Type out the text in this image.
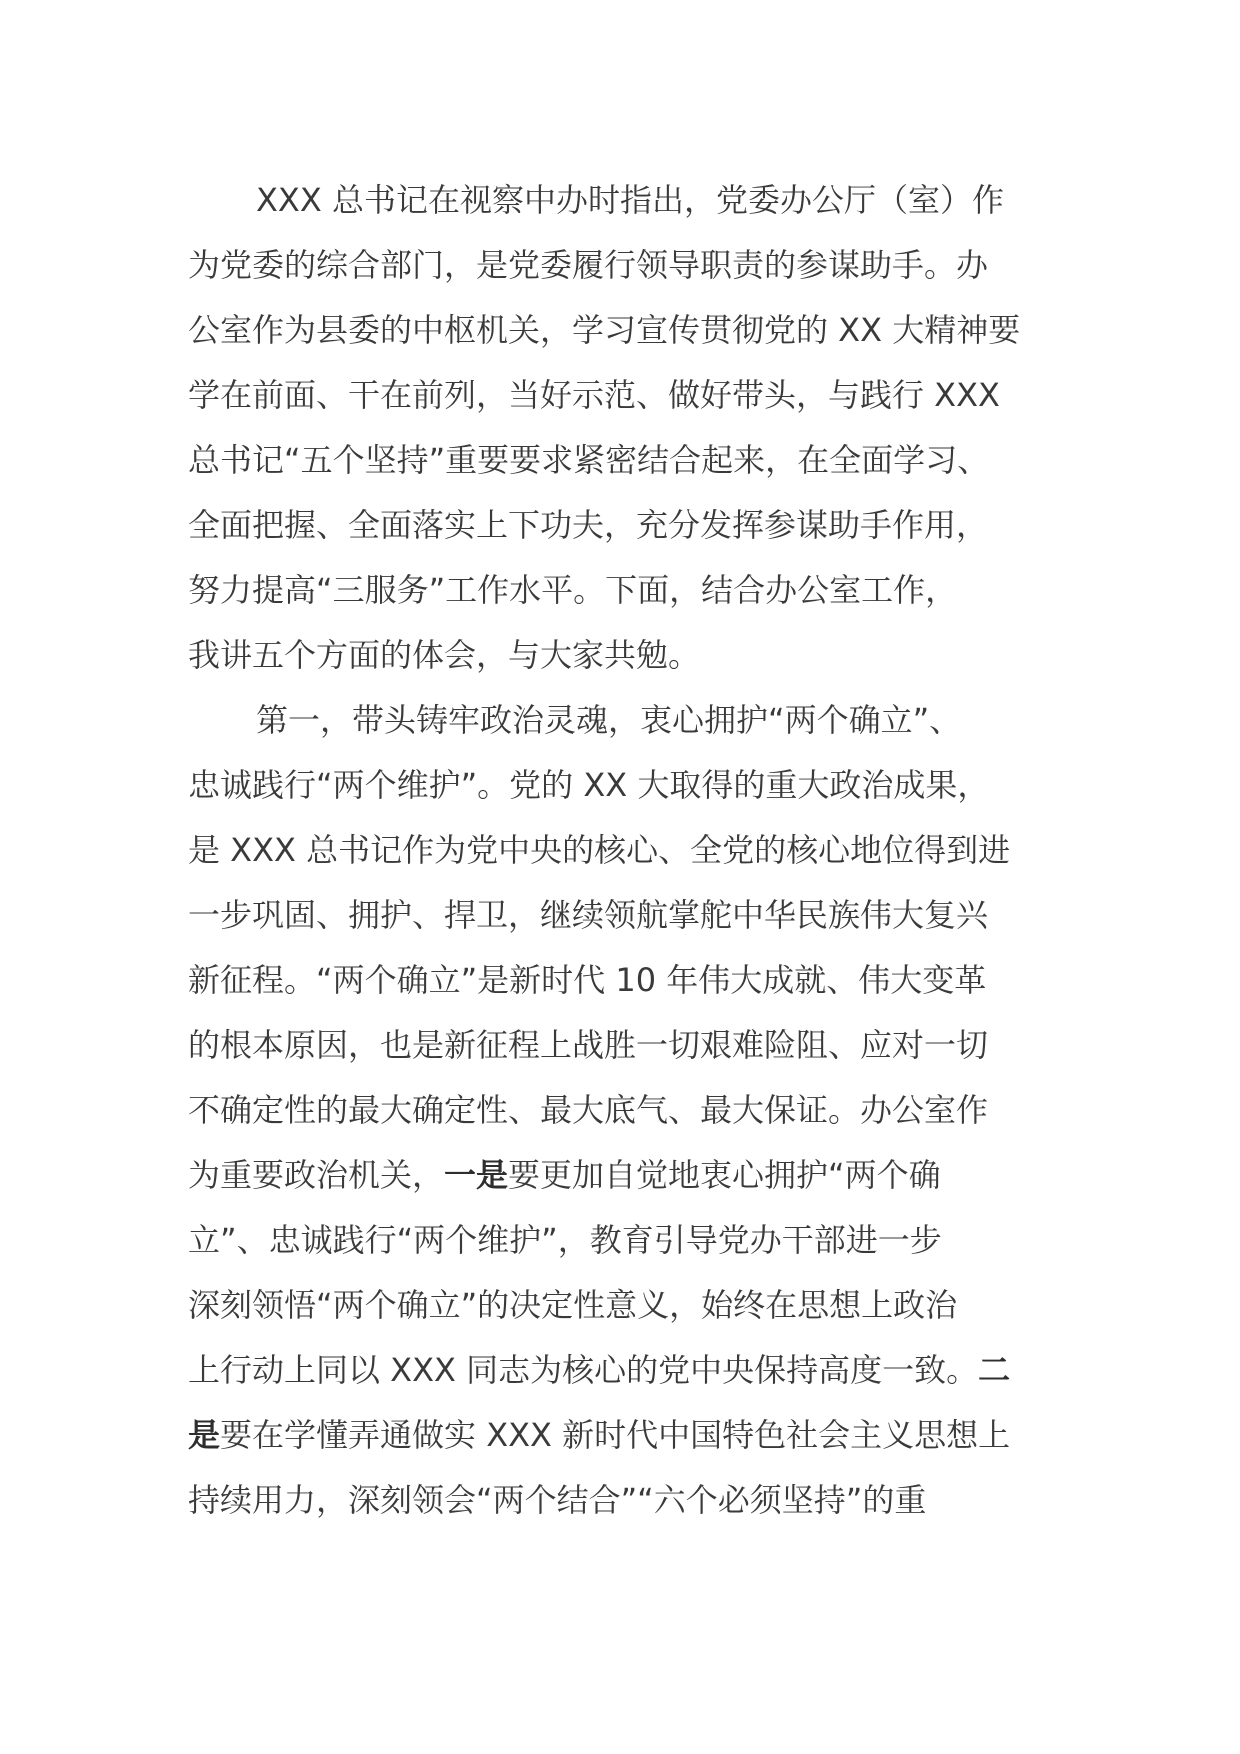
XXX 总书记在视察中办时指出，党委办公厅（室）作
为党委的综合部门，是党委履行领导职责的参谋助手。办
公室作为县委的中枢机关，学习宣传贯彻党的 XX 大精神要
学在前面、干在前列，当好示范、做好带头，与践行 XXX
总书记“五个坚持”重要要求紧密结合起来，在全面学习、
全面把握、全面落实上下功夫，充分发挥参谋助手作用，
努力提高“三服务”工作水平。下面，结合办公室工作，
我讲五个方面的体会，与大家共勉。
第一，带头铸牢政治灵魂，衷心拥护“两个确立”、
忠诚践行“两个维护”。党的 XX 大取得的重大政治成果，
是 XXX 总书记作为党中央的核心、全党的核心地位得到进
一步巩固、拥护、捍卫，继续领航掌舵中华民族伟大复兴
新征程。“两个确立”是新时代 10 年伟大成就、伟大变革
的根本原因，也是新征程上战胜一切艰难险阻、应对一切
不确定性的最大确定性、最大底气、最大保证。办公室作
为重要政治机关，一是要更加自觉地衷心拥护“两个确
立”、忠诚践行“两个维护”，教育引导党办干部进一步
深刻领悟“两个确立”的决定性意义，始终在思想上政治
上行动上同以 XXX 同志为核心的党中央保持高度一致。二
是要在学懂弄通做实 XXX 新时代中国特色社会主义思想上
持续用力，深刻领会“两个结合”“六个必须坚持”的重
